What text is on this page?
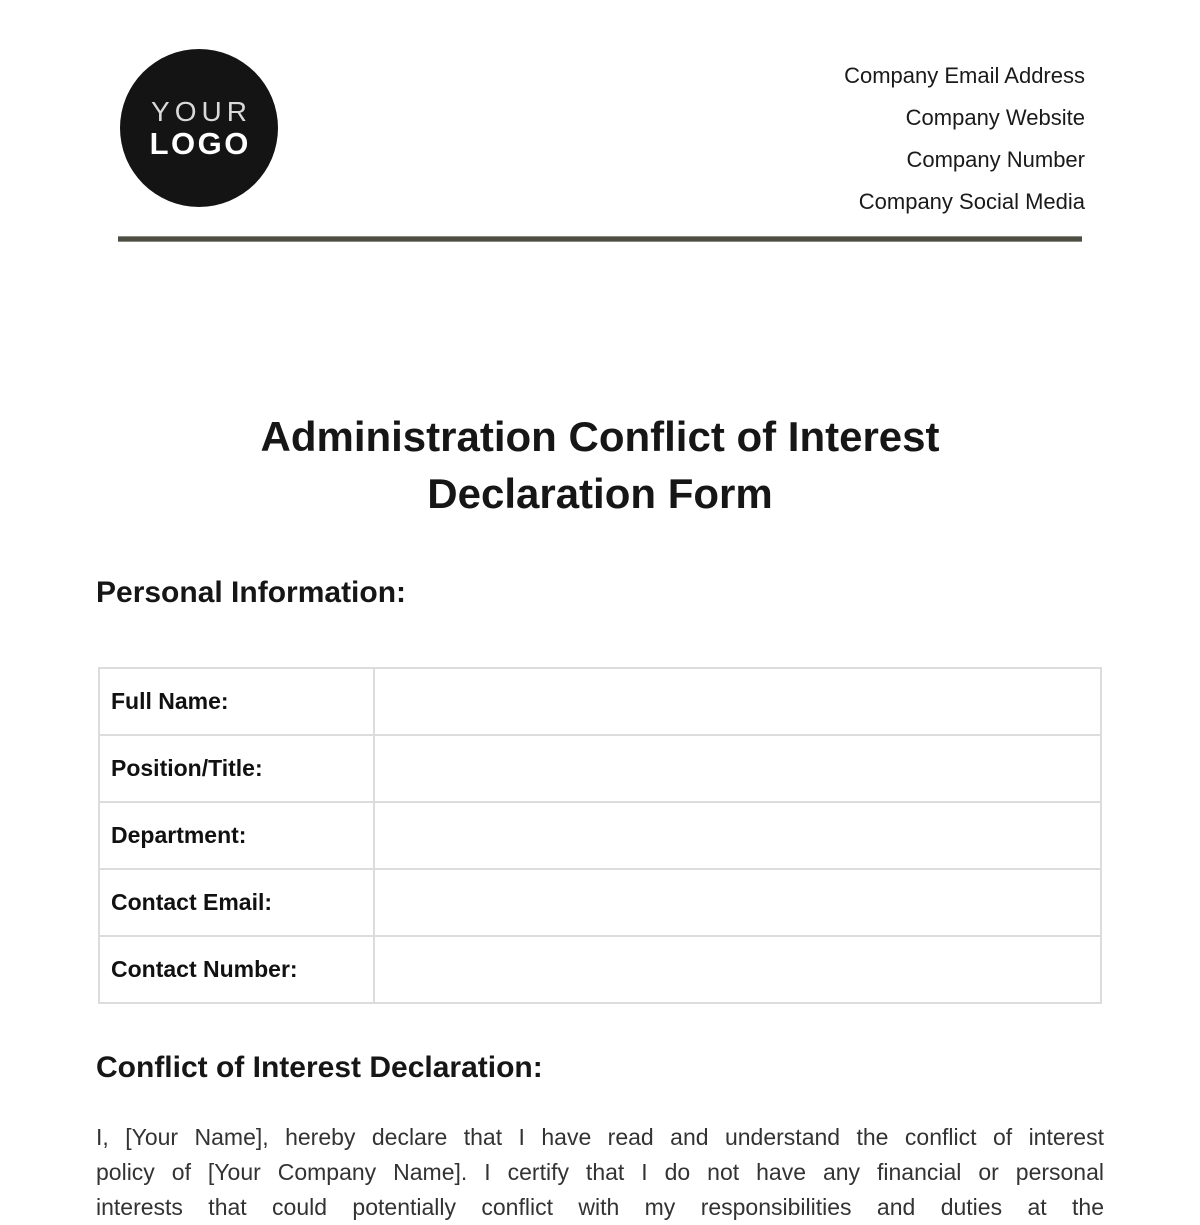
YOUR
LOGO
Company Email Address
Company Website
Company Number
Company Social Media
Administration Conflict of Interest Declaration Form
Personal Information:
Full Name:	
Position/Title:	
Department:	
Contact Email:	
Contact Number:	
Conflict of Interest Declaration:
I, [Your Name], hereby declare that I have read and understand the conflict of interest
policy of [Your Company Name]. I certify that I do not have any financial or personal
interests that could potentially conflict with my responsibilities and duties at the
